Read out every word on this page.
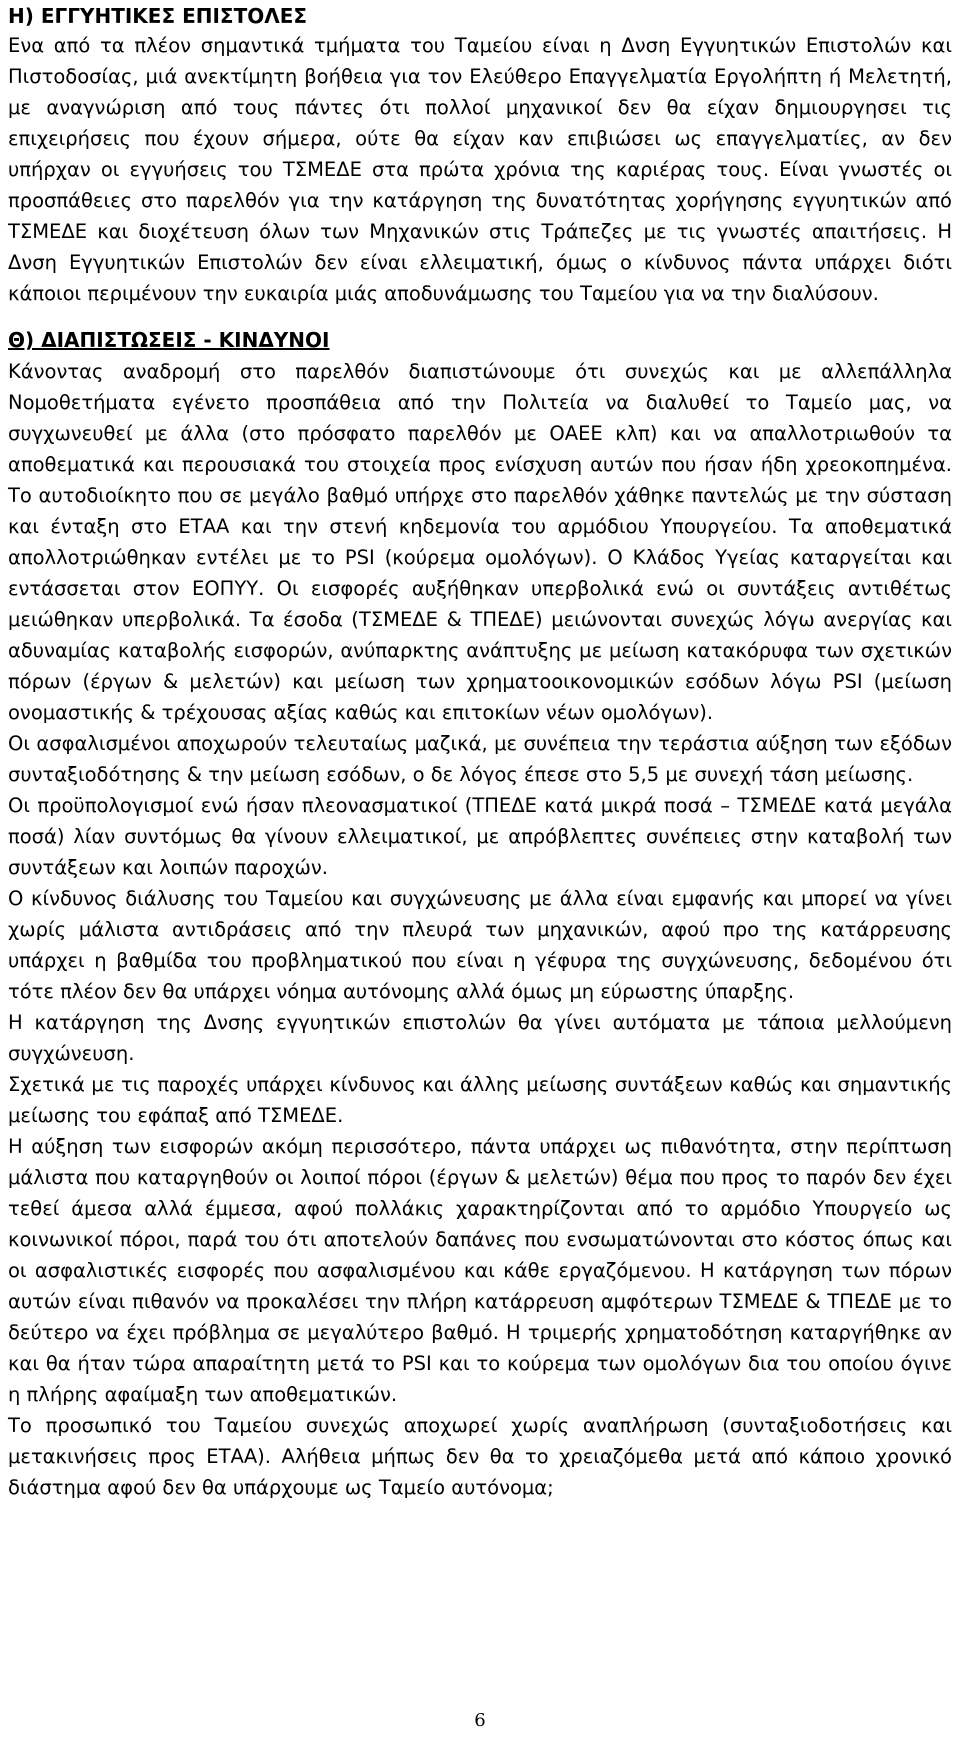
Η) ΕΓΓΥΗΤΙΚΕΣ ΕΠΙΣΤΟΛΕΣ

Ενα από τα πλέον σημαντικά τμήματα του Ταμείου είναι η Δνση Εγγυητικών Επιστολών και Πιστοδοσίας, μιά ανεκτίμητη βοήθεια για τον Ελεύθερο Επαγγελματία Εργολήπτη ή Μελετητή, με αναγνώριση από τους πάντες ότι πολλοί μηχανικοί δεν θα είχαν δημιουργησει τις επιχειρήσεις που έχουν σήμερα, ούτε θα είχαν καν επιβιώσει ως επαγγελματίες, αν δεν υπήρχαν οι εγγυήσεις του ΤΣΜΕΔΕ στα πρώτα χρόνια της καριέρας τους. Είναι γνωστές οι προσπάθειες στο παρελθόν για την κατάργηση της δυνατότητας χορήγησης εγγυητικών από ΤΣΜΕΔΕ και διοχέτευση όλων των Μηχανικών στις Τράπεζες με τις γνωστές απαιτήσεις. Η Δνση Εγγυητικών Επιστολών δεν είναι ελλειματική, όμως ο κίνδυνος πάντα υπάρχει διότι κάποιοι περιμένουν την ευκαιρία μιάς αποδυνάμωσης του Ταμείου για να την διαλύσουν.

Θ) ΔΙΑΠΙΣΤΩΣΕΙΣ - ΚΙΝΔΥΝΟΙ

Κάνοντας αναδρομή στο παρελθόν διαπιστώνουμε ότι συνεχώς και με αλλεπάλληλα Νομοθετήματα εγένετο προσπάθεια από την Πολιτεία να διαλυθεί το Ταμείο μας, να συγχωνευθεί με άλλα (στο πρόσφατο παρελθόν με ΟΑΕΕ κλπ) και να απαλλοτριωθούν τα αποθεματικά και περουσιακά του στοιχεία προς ενίσχυση αυτών που ήσαν ήδη χρεοκοπημένα. Το αυτοδιοίκητο που σε μεγάλο βαθμό υπήρχε στο παρελθόν χάθηκε παντελώς με την σύσταση και ένταξη στο ΕΤΑΑ και την στενή κηδεμονία του αρμόδιου Υπουργείου. Τα αποθεματικά απολλοτριώθηκαν εντέλει με το PSI (κούρεμα ομολόγων). Ο Κλάδος Υγείας καταργείται και εντάσσεται στον ΕΟΠΥΥ. Οι εισφορές αυξήθηκαν υπερβολικά ενώ οι συντάξεις αντιθέτως μειώθηκαν υπερβολικά. Τα έσοδα (ΤΣΜΕΔΕ & ΤΠΕΔΕ) μειώνονται συνεχώς λόγω ανεργίας και αδυναμίας καταβολής εισφορών, ανύπαρκτης ανάπτυξης με μείωση κατακόρυφα των σχετικών πόρων (έργων & μελετών) και μείωση των χρηματοοικονομικών εσόδων λόγω PSI (μείωση ονομαστικής & τρέχουσας αξίας καθώς και επιτοκίων νέων ομολόγων).

Οι ασφαλισμένοι αποχωρούν τελευταίως μαζικά, με συνέπεια την τεράστια αύξηση των εξόδων συνταξιοδότησης & την μείωση εσόδων, ο δε λόγος έπεσε στο 5,5 με συνεχή τάση μείωσης.

Οι προϋπολογισμοί ενώ ήσαν πλεονασματικοί (ΤΠΕΔΕ κατά μικρά ποσά – ΤΣΜΕΔΕ κατά μεγάλα ποσά) λίαν συντόμως θα γίνουν ελλειματικοί, με απρόβλεπτες συνέπειες στην καταβολή των συντάξεων και λοιπών παροχών.

Ο κίνδυνος διάλυσης του Ταμείου και συγχώνευσης με άλλα είναι εμφανής και μπορεί να γίνει χωρίς μάλιστα αντιδράσεις από την πλευρά των μηχανικών, αφού προ της κατάρρευσης υπάρχει η βαθμίδα του προβληματικού που είναι η γέφυρα της συγχώνευσης, δεδομένου ότι τότε πλέον δεν θα υπάρχει νόημα αυτόνομης αλλά όμως μη εύρωστης ύπαρξης.

Η κατάργηση της Δνσης εγγυητικών επιστολών θα γίνει αυτόματα με τάποια μελλούμενη συγχώνευση.

Σχετικά με τις παροχές υπάρχει κίνδυνος και άλλης μείωσης συντάξεων καθώς και σημαντικής μείωσης του εφάπαξ από ΤΣΜΕΔΕ.

Η αύξηση των εισφορών ακόμη περισσότερο, πάντα υπάρχει ως πιθανότητα, στην περίπτωση μάλιστα που καταργηθούν οι λοιποί πόροι (έργων & μελετών) θέμα που προς το παρόν δεν έχει τεθεί άμεσα αλλά έμμεσα, αφού πολλάκις χαρακτηρίζονται από το αρμόδιο Υπουργείο ως κοινωνικοί πόροι, παρά του ότι αποτελούν δαπάνες που ενσωματώνονται στο κόστος όπως και οι ασφαλιστικές εισφορές που ασφαλισμένου και κάθε εργαζόμενου. Η κατάργηση των πόρων αυτών είναι πιθανόν να προκαλέσει την πλήρη κατάρρευση αμφότερων ΤΣΜΕΔΕ & ΤΠΕΔΕ με το δεύτερο να έχει πρόβλημα σε μεγαλύτερο βαθμό. Η τριμερής χρηματοδότηση καταργήθηκε αν και θα ήταν τώρα απαραίτητη μετά το PSI και το κούρεμα των ομολόγων δια του οποίου όγινε η πλήρης αφαίμαξη των αποθεματικών.

Το προσωπικό του Ταμείου συνεχώς αποχωρεί χωρίς αναπλήρωση (συνταξιοδοτήσεις και μετακινήσεις προς ΕΤΑΑ). Αλήθεια μήπως δεν θα το χρειαζόμεθα μετά από κάποιο χρονικό διάστημα αφού δεν θα υπάρχουμε ως Ταμείο αυτόνομα;

6
